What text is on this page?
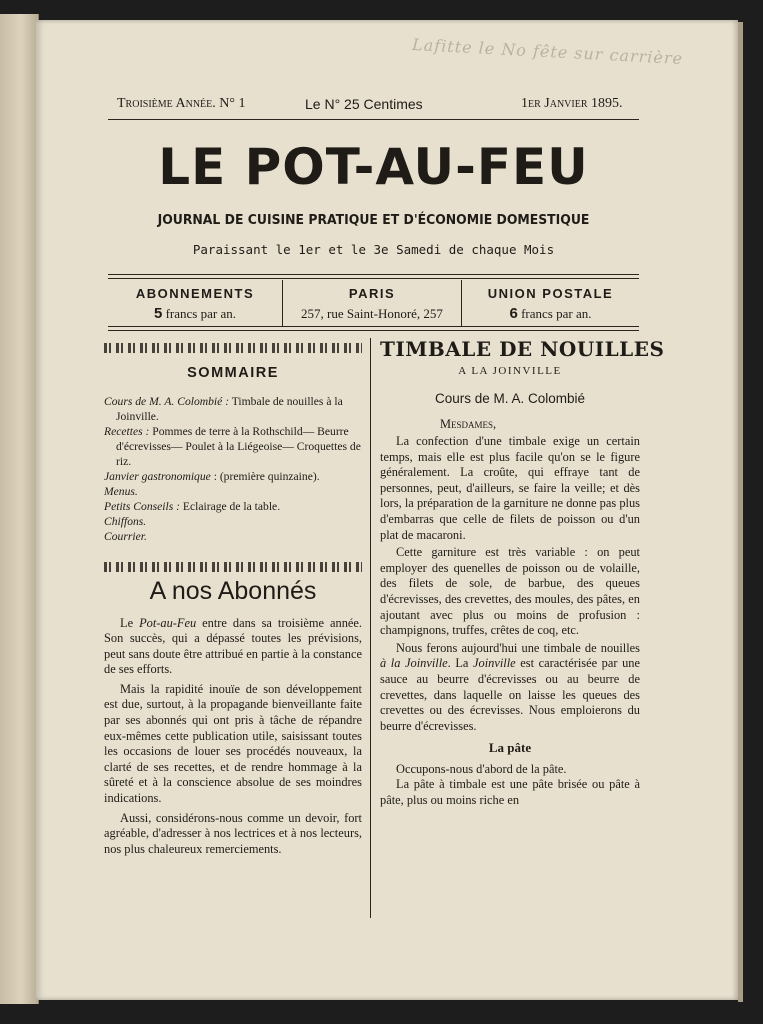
Lafitte le No fête sur carrière
Troisième Année. N° 1	Le N° 25 Centimes	1er Janvier 1895.
LE POT-AU-FEU
JOURNAL DE CUISINE PRATIQUE ET D'ÉCONOMIE DOMESTIQUE
Paraissant le 1er et le 3e Samedi de chaque Mois
ABONNEMENTS
5 francs par an.
PARIS
257, rue Saint-Honoré, 257
UNION POSTALE
6 francs par an.
SOMMAIRE

Cours de M. A. Colombié : Timbale de nouilles à la Joinville.

Recettes : Pommes de terre à la Rothschild— Beurre d'écrevisses— Poulet à la Liégeoise— Croquettes de riz.

Janvier gastronomique : (première quinzaine).

Menus.

Petits Conseils : Eclairage de la table.

Chiffons.

Courrier.

A nos Abonnés

Le Pot-au-Feu entre dans sa troisième année. Son succès, qui a dépassé toutes les prévisions, peut sans doute être attribué en partie à la constance de ses efforts.

Mais la rapidité inouïe de son développement est due, surtout, à la propagande bienveillante faite par ses abonnés qui ont pris à tâche de répandre eux-mêmes cette publication utile, saisissant toutes les occasions de louer ses procédés nouveaux, la clarté de ses recettes, et de rendre hommage à la sûreté et à la conscience absolue de ses moindres indications.

Aussi, considérons-nous comme un devoir, fort agréable, d'adresser à nos lectrices et à nos lecteurs, nos plus chaleureux remerciements.

TIMBALE DE NOUILLES
A LA JOINVILLE
Cours de M. A. Colombié
Mesdames,

La confection d'une timbale exige un certain temps, mais elle est plus facile qu'on se le figure généralement. La croûte, qui effraye tant de personnes, peut, d'ailleurs, se faire la veille; et dès lors, la préparation de la garniture ne donne pas plus d'embarras que celle de filets de poisson ou d'un plat de macaroni.

Cette garniture est très variable : on peut employer des quenelles de poisson ou de volaille, des filets de sole, de barbue, des queues d'écrevisses, des crevettes, des moules, des pâtes, en ajoutant avec plus ou moins de profusion : champignons, truffes, crêtes de coq, etc.

Nous ferons aujourd'hui une timbale de nouilles à la Joinville. La Joinville est caractérisée par une sauce au beurre d'écrevisses ou au beurre de crevettes, dans laquelle on laisse les queues des crevettes ou des écrevisses. Nous emploierons du beurre d'écrevisses.

La pâte

Occupons-nous d'abord de la pâte.

La pâte à timbale est une pâte brisée ou pâte à pâte, plus ou moins riche en
